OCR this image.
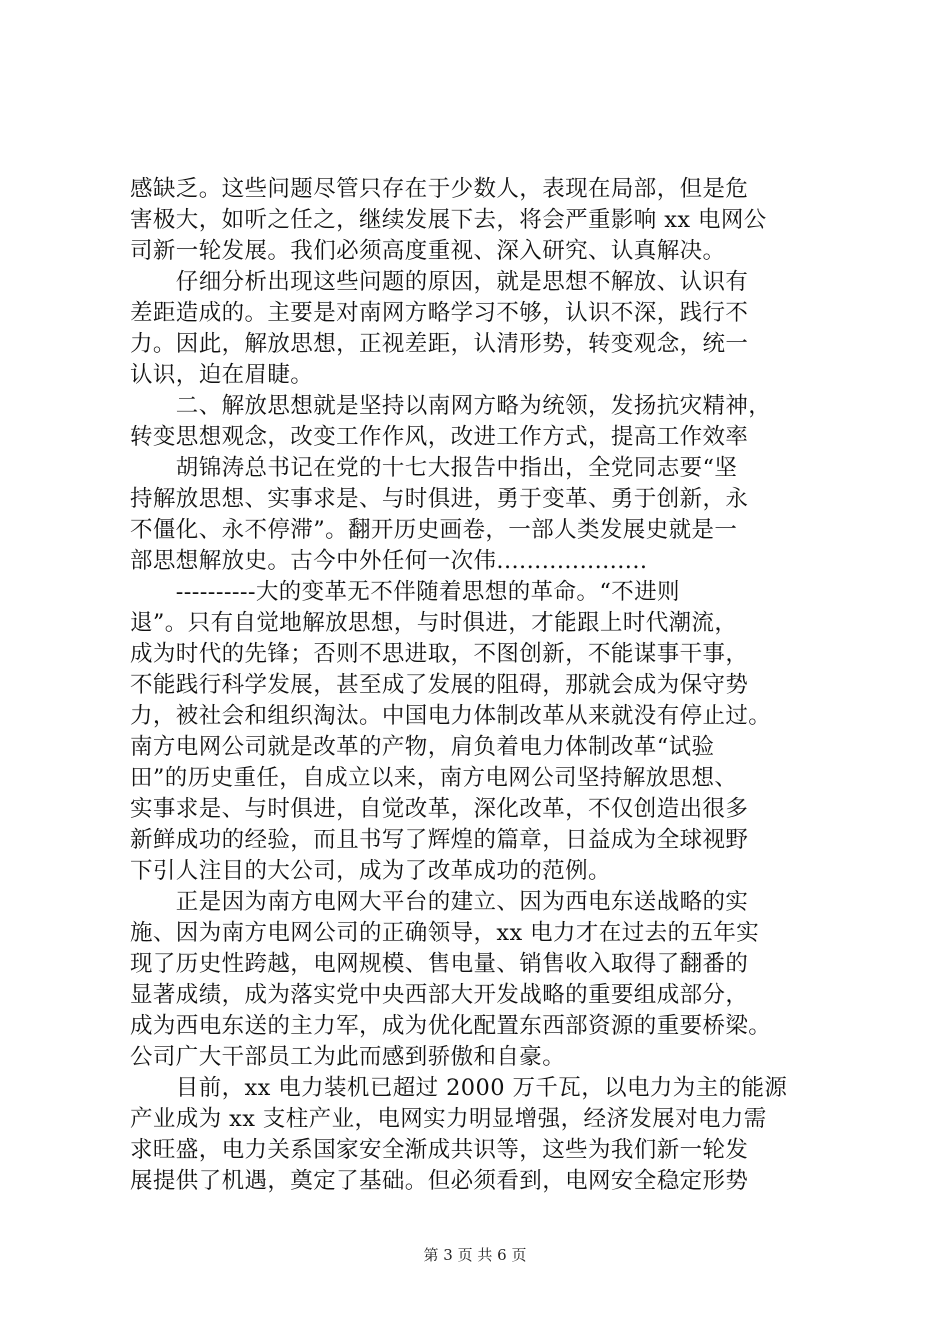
感缺乏。这些问题尽管只存在于少数人，表现在局部，但是危
害极大，如听之任之，继续发展下去，将会严重影响 xx 电网公
司新一轮发展。我们必须高度重视、深入研究、认真解决。
　　仔细分析出现这些问题的原因，就是思想不解放、认识有
差距造成的。主要是对南网方略学习不够，认识不深，践行不
力。因此，解放思想，正视差距，认清形势，转变观念，统一
认识，迫在眉睫。
　　二、解放思想就是坚持以南网方略为统领，发扬抗灾精神，
转变思想观念，改变工作作风，改进工作方式，提高工作效率
　　胡锦涛总书记在党的十七大报告中指出，全党同志要“坚
持解放思想、实事求是、与时俱进，勇于变革、勇于创新，永
不僵化、永不停滞”。翻开历史画卷，一部人类发展史就是一
部思想解放史。古今中外任何一次伟....................
　　----------大的变革无不伴随着思想的革命。“不进则
退”。只有自觉地解放思想，与时俱进，才能跟上时代潮流，
成为时代的先锋；否则不思进取，不图创新，不能谋事干事，
不能践行科学发展，甚至成了发展的阻碍，那就会成为保守势
力，被社会和组织淘汰。中国电力体制改革从来就没有停止过。
南方电网公司就是改革的产物，肩负着电力体制改革“试验
田”的历史重任，自成立以来，南方电网公司坚持解放思想、
实事求是、与时俱进，自觉改革，深化改革，不仅创造出很多
新鲜成功的经验，而且书写了辉煌的篇章，日益成为全球视野
下引人注目的大公司，成为了改革成功的范例。
　　正是因为南方电网大平台的建立、因为西电东送战略的实
施、因为南方电网公司的正确领导，xx 电力才在过去的五年实
现了历史性跨越，电网规模、售电量、销售收入取得了翻番的
显著成绩，成为落实党中央西部大开发战略的重要组成部分，
成为西电东送的主力军，成为优化配置东西部资源的重要桥梁。
公司广大干部员工为此而感到骄傲和自豪。
　　目前，xx 电力装机已超过 2000 万千瓦，以电力为主的能源
产业成为 xx 支柱产业，电网实力明显增强，经济发展对电力需
求旺盛，电力关系国家安全渐成共识等，这些为我们新一轮发
展提供了机遇，奠定了基础。但必须看到，电网安全稳定形势
第 3 页 共 6 页
